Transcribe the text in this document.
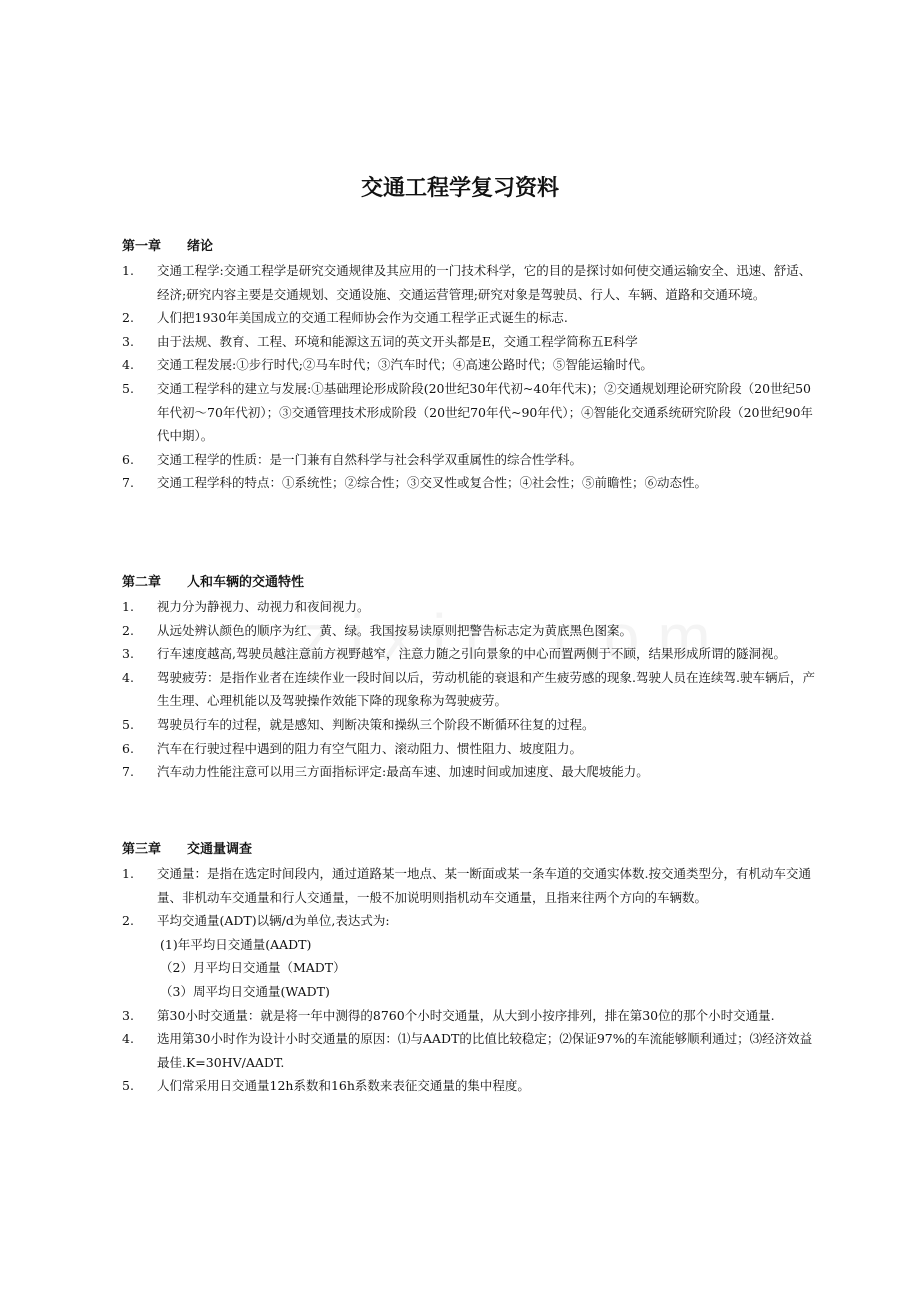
交通工程学复习资料
第一章 绪论
1. 交通工程学:交通工程学是研究交通规律及其应用的一门技术科学，它的目的是探讨如何使交通运输安全、迅速、舒适、经济;研究内容主要是交通规划、交通设施、交通运营管理;研究对象是驾驶员、行人、车辆、道路和交通环境。
2. 人们把1930年美国成立的交通工程师协会作为交通工程学正式诞生的标志.
3. 由于法规、教育、工程、环境和能源这五词的英文开头都是E，交通工程学简称五E科学
4. 交通工程发展:①步行时代;②马车时代；③汽车时代；④高速公路时代；⑤智能运输时代。
5. 交通工程学科的建立与发展:①基础理论形成阶段(20世纪30年代初~40年代末)；②交通规划理论研究阶段（20世纪50年代初～70年代初）；③交通管理技术形成阶段（20世纪70年代~90年代）；④智能化交通系统研究阶段（20世纪90年代中期）。
6. 交通工程学的性质：是一门兼有自然科学与社会科学双重属性的综合性学科。
7. 交通工程学科的特点：①系统性；②综合性；③交叉性或复合性；④社会性；⑤前瞻性；⑥动态性。
第二章 人和车辆的交通特性
1. 视力分为静视力、动视力和夜间视力。
2. 从远处辨认颜色的顺序为红、黄、绿。我国按易读原则把警告标志定为黄底黑色图案。
3. 行车速度越高,驾驶员越注意前方视野越窄，注意力随之引向景象的中心而置两侧于不顾，结果形成所谓的隧洞视。
4. 驾驶疲劳：是指作业者在连续作业一段时间以后，劳动机能的衰退和产生疲劳感的现象.驾驶人员在连续驾.驶车辆后，产生生理、心理机能以及驾驶操作效能下降的现象称为驾驶疲劳。
5. 驾驶员行车的过程，就是感知、判断决策和操纵三个阶段不断循环往复的过程。
6. 汽车在行驶过程中遇到的阻力有空气阻力、滚动阻力、惯性阻力、坡度阻力。
7. 汽车动力性能注意可以用三方面指标评定:最高车速、加速时间或加速度、最大爬坡能力。
第三章 交通量调查
1. 交通量：是指在选定时间段内，通过道路某一地点、某一断面或某一条车道的交通实体数.按交通类型分，有机动车交通量、非机动车交通量和行人交通量，一般不加说明则指机动车交通量，且指来往两个方向的车辆数。
2. 平均交通量(ADT)以辆/d为单位,表达式为:
(1)年平均日交通量(AADT)
（2）月平均日交通量（MADT）
（3）周平均日交通量(WADT)
3. 第30小时交通量：就是将一年中测得的8760个小时交通量，从大到小按序排列，排在第30位的那个小时交通量.
4. 选用第30小时作为设计小时交通量的原因：⑴与AADT的比值比较稳定；⑵保证97%的车流能够顺利通过；⑶经济效益最佳.K=30HV/AADT.
5. 人们常采用日交通量12h系数和16h系数来表征交通量的集中程度。
